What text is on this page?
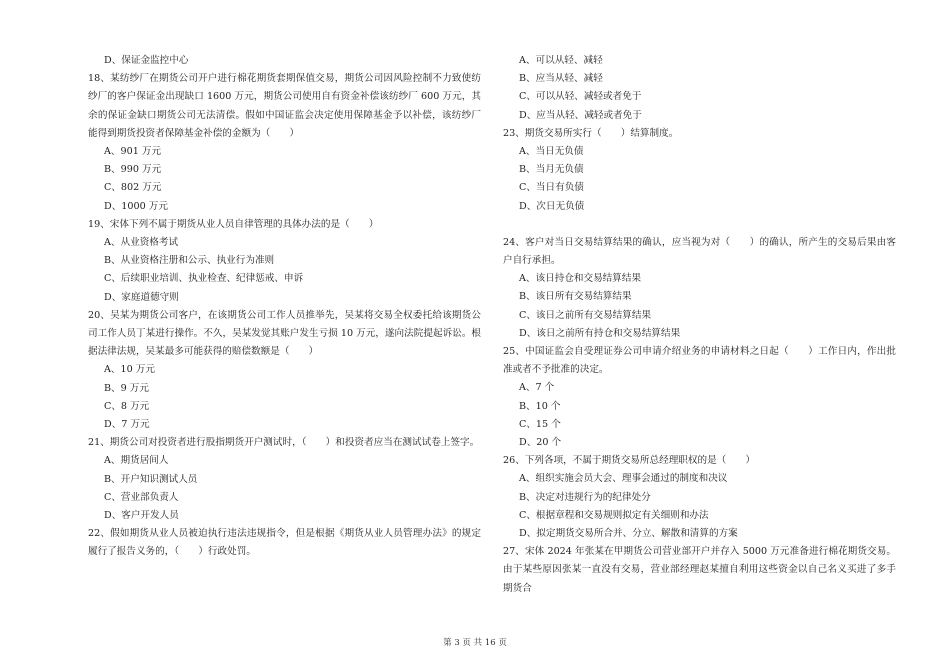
D、保证金监控中心
18、某纺纱厂在期货公司开户进行棉花期货套期保值交易，期货公司因风险控制不力致使纺纱厂的客户保证金出现缺口 1600 万元，期货公司使用自有资金补偿该纺纱厂 600 万元，其余的保证金缺口期货公司无法清偿。假如中国证监会决定使用保障基金予以补偿，该纺纱厂能得到期货投资者保障基金补偿的金额为（　　）
A、901 万元
B、990 万元
C、802 万元
D、1000 万元
19、宋体下列不属于期货从业人员自律管理的具体办法的是（　　）
A、从业资格考试
B、从业资格注册和公示、执业行为准则
C、后续职业培训、执业检查、纪律惩戒、申诉
D、家庭道德守则
20、吴某为期货公司客户，在该期货公司工作人员推举先，吴某将交易全权委托给该期货公司工作人员丁某进行操作。不久，吴某发觉其账户发生亏损 10 万元，遂向法院提起诉讼。根据法律法规，吴某最多可能获得的赔偿数额是（　　）
A、10 万元
B、9 万元
C、8 万元
D、7 万元
21、期货公司对投资者进行股指期货开户测试时，（　　）和投资者应当在测试试卷上签字。
A、期货居间人
B、开户知识测试人员
C、营业部负责人
D、客户开发人员
22、假如期货从业人员被迫执行违法违规指令，但是根据《期货从业人员管理办法》的规定履行了报告义务的，（　　）行政处罚。
A、可以从轻、减轻
B、应当从轻、减轻
C、可以从轻、减轻或者免于
D、应当从轻、减轻或者免于
23、期货交易所实行（　　）结算制度。
A、当日无负债
B、当月无负债
C、当日有负债
D、次日无负债
24、客户对当日交易结算结果的确认，应当视为对（　　）的确认，所产生的交易后果由客户自行承担。
A、该日持仓和交易结算结果
B、该日所有交易结算结果
C、该日之前所有交易结算结果
D、该日之前所有持仓和交易结算结果
25、中国证监会自受理证券公司申请介绍业务的申请材料之日起（　　）工作日内，作出批准或者不予批准的决定。
A、7 个
B、10 个
C、15 个
D、20 个
26、下列各项，不属于期货交易所总经理职权的是（　　）
A、组织实施会员大会、理事会通过的制度和决议
B、决定对违规行为的纪律处分
C、根据章程和交易规则拟定有关细则和办法
D、拟定期货交易所合并、分立、解散和清算的方案
27、宋体 2024 年张某在甲期货公司营业部开户并存入 5000 万元准备进行棉花期货交易。由于某些原因张某一直没有交易，营业部经理赵某擅自利用这些资金以自己名义买进了多手期货合
第 3 页 共 16 页
